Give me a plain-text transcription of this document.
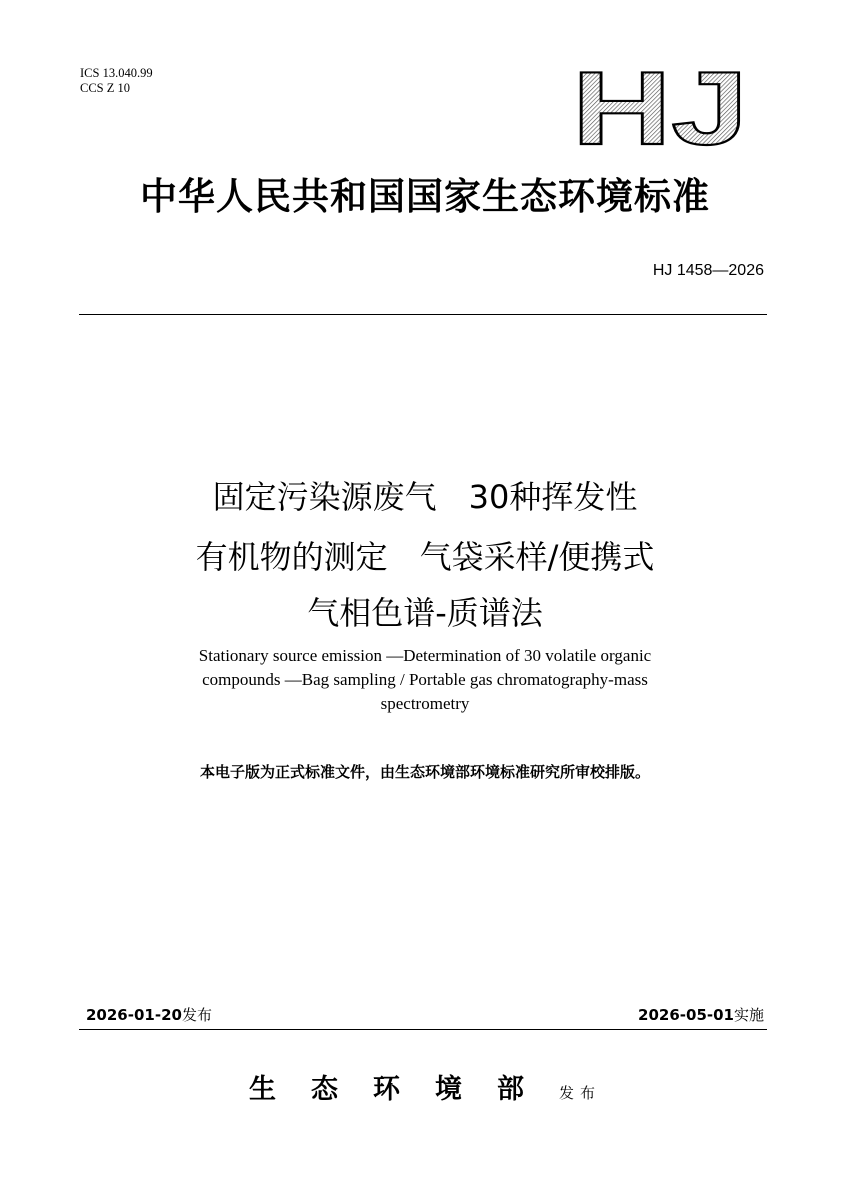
ICS 13.040.99
CCS Z 10	HJ
中华人民共和国国家生态环境标准
HJ 1458—2026
固定污染源废气　30种挥发性
有机物的测定　气袋采样/便携式
气相色谱-质谱法
Stationary source emission —Determination of 30 volatile organic
compounds —Bag sampling / Portable gas chromatography-mass
spectrometry
本电子版为正式标准文件，由生态环境部环境标准研究所审校排版。
2026-01-20发布	2026-05-01实施
生态环境部发布
